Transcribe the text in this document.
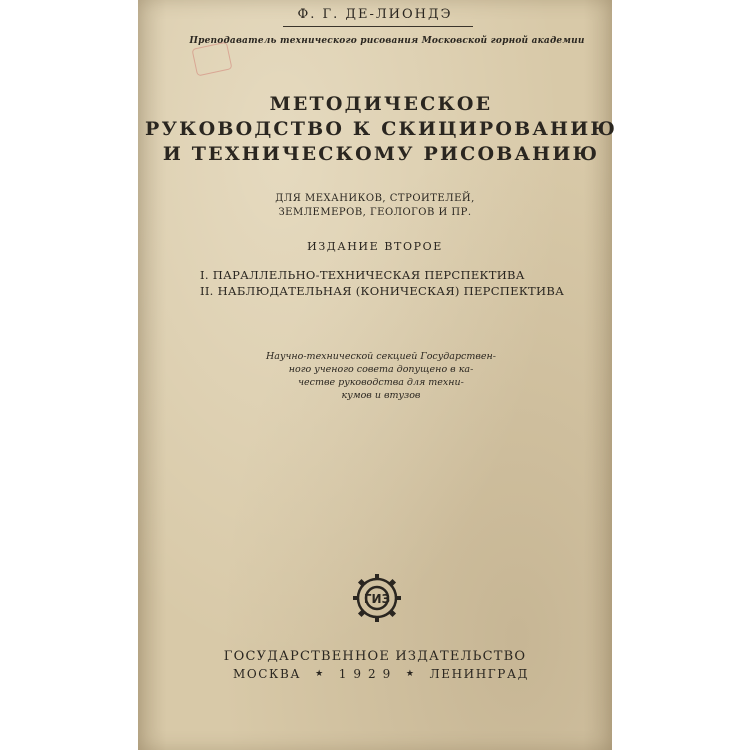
Ф. Г. ДЕ-ЛИОНДЭ
Преподаватель технического рисования Московской горной академии
МЕТОДИЧЕСКОЕ
РУКОВОДСТВО К СКИЦИРОВАНИЮ
И ТЕХНИЧЕСКОМУ РИСОВАНИЮ
ДЛЯ МЕХАНИКОВ, СТРОИТЕЛЕЙ,
ЗЕМЛЕМЕРОВ, ГЕОЛОГОВ И ПР.
ИЗДАНИЕ ВТОРОЕ
I. ПАРАЛЛЕЛЬНО-ТЕХНИЧЕСКАЯ ПЕРСПЕКТИВА
II. НАБЛЮДАТЕЛЬНАЯ (КОНИЧЕСКАЯ) ПЕРСПЕКТИВА
Научно-технической секцией Государствен-
ного ученого совета допущено в ка-
честве руководства для техни-
кумов и втузов
ГИЗ
ГОСУДАРСТВЕННОЕ ИЗДАТЕЛЬСТВО
МОСКВА ★ 1 9 2 9 ★ ЛЕНИНГРАД
